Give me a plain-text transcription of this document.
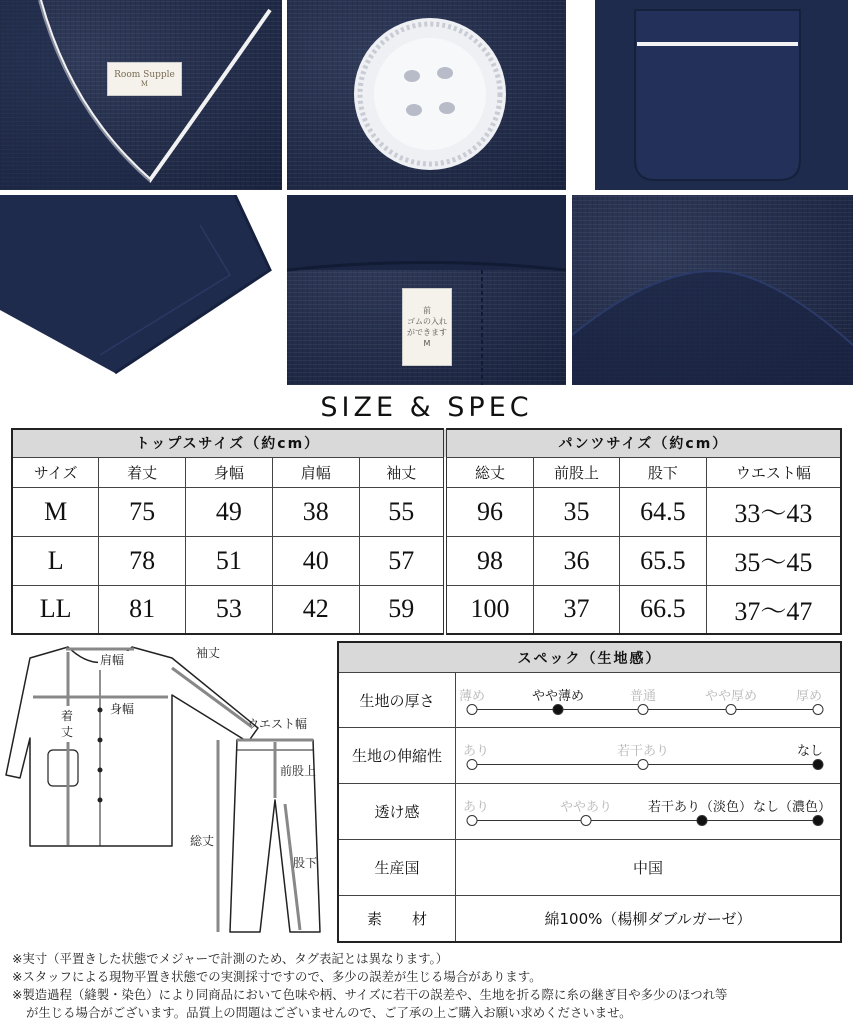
Room Supple
M
前
ゴムの入れ
ができます
M
SIZE & SPEC
トップスサイズ（約cm）					パンツサイズ（約cm）			
サイズ	着丈	身幅	肩幅	袖丈	総丈	前股上	股下	ウエスト幅
M	75	49	38	55	96	35	64.5	33〜43
L	78	51	40	57	98	36	65.5	35〜45
LL	81	53	42	59	100	37	66.5	37〜47
肩幅	袖丈
着
丈
身幅
ウエスト幅
前股上
総丈
股下
スペック（生地感）
生地の厚さ	薄め	やや薄め	普通	やや厚め	厚め
生地の伸縮性	あり	若干あり	なし
透け感	あり	ややあり	若干あり（淡色） なし（濃色）
生産国	中国
素　　材	綿100%（楊柳ダブルガーゼ）

※実寸（平置きした状態でメジャーで計測のため、タグ表記とは異なります。）

※スタッフによる現物平置き状態での実測採寸ですので、多少の誤差が生じる場合があります。

※製造過程（縫製・染色）により同商品において色味や柄、サイズに若干の誤差や、生地を折る際に糸の継ぎ目や多少のほつれ等

が生じる場合がございます。品質上の問題はございませんので、ご了承の上ご購入お願い求めくださいませ。
